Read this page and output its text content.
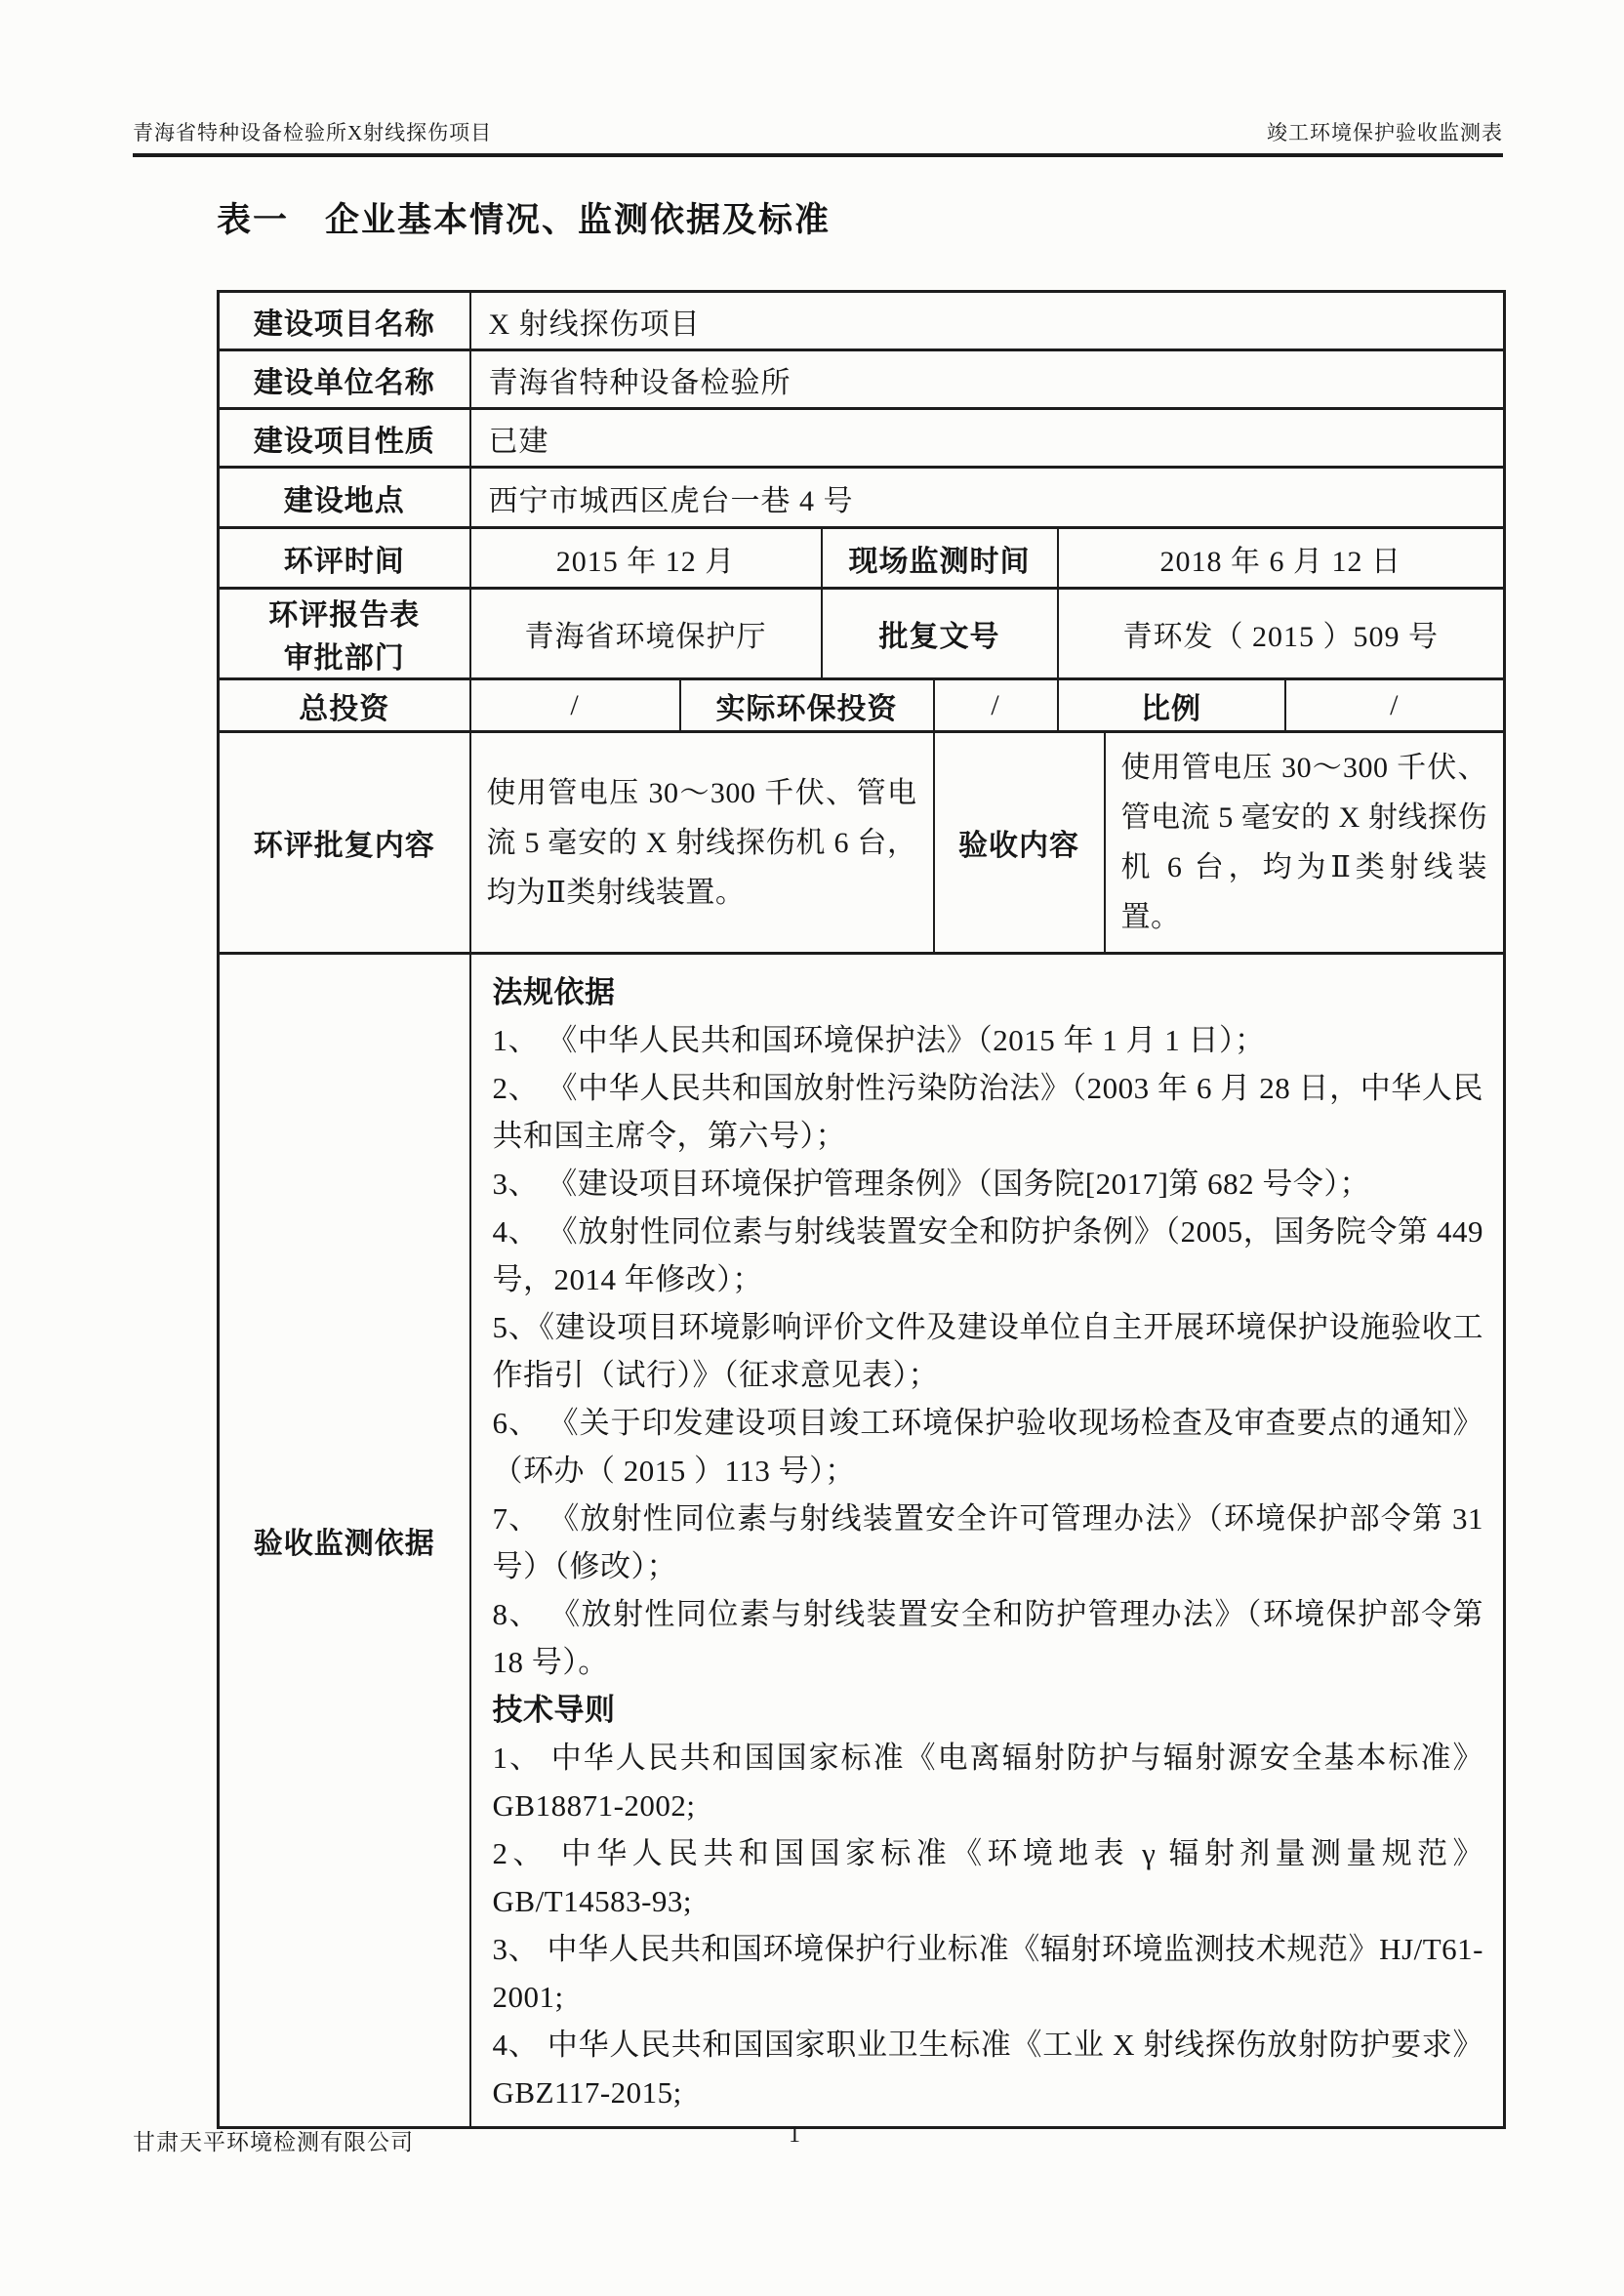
青海省特种设备检验所X射线探伤项目	竣工环境保护验收监测表
表一　企业基本情况、监测依据及标准
建设项目名称	X 射线探伤项目						
建设单位名称	青海省特种设备检验所						
建设项目性质	已建						
建设地点	西宁市城西区虎台一巷 4 号						
环评时间	2015 年 12 月		现场监测时间		2018 年 6 月 12 日		

环评报告表
审批部门	青海省环境保护厅		批复文号		青环发（ 2015 ）509 号		
总投资	/	实际环保投资		/	比例		/
环评批复内容	使用管电压 30～300 千伏、管电流 5 毫安的 X 射线探伤机 6 台，均为Ⅱ类射线装置。			验收内容		使用管电压 30～300 千伏、管电流 5 毫安的 X 射线探伤机 6 台，均为Ⅱ类射线装置。	
验收监测依据	
法规依据
1、 《中华人民共和国环境保护法》（2015 年 1 月 1 日）；
2、 《中华人民共和国放射性污染防治法》（2003 年 6 月 28 日，中华人民共和国主席令，第六号）；
3、 《建设项目环境保护管理条例》（国务院[2017]第 682 号令）；
4、 《放射性同位素与射线装置安全和防护条例》（2005，国务院令第 449 号，2014 年修改）；
5、《建设项目环境影响评价文件及建设单位自主开展环境保护设施验收工作指引（试行）》（征求意见表）；
6、 《关于印发建设项目竣工环境保护验收现场检查及审查要点的通知》（环办（ 2015 ）113 号）；
7、 《放射性同位素与射线装置安全许可管理办法》（环境保护部令第 31 号）（修改）；
8、 《放射性同位素与射线装置安全和防护管理办法》（环境保护部令第 18 号）。
技术导则
1、 中华人民共和国国家标准《电离辐射防护与辐射源安全基本标准》GB18871-2002;
2、 中华人民共和国国家标准《环境地表 γ 辐射剂量测量规范》GB/T14583-93;
3、 中华人民共和国环境保护行业标准《辐射环境监测技术规范》HJ/T61-2001;
4、 中华人民共和国国家职业卫生标准《工业 X 射线探伤放射防护要求》GBZ117-2015;
甘肃天平环境检测有限公司	1
